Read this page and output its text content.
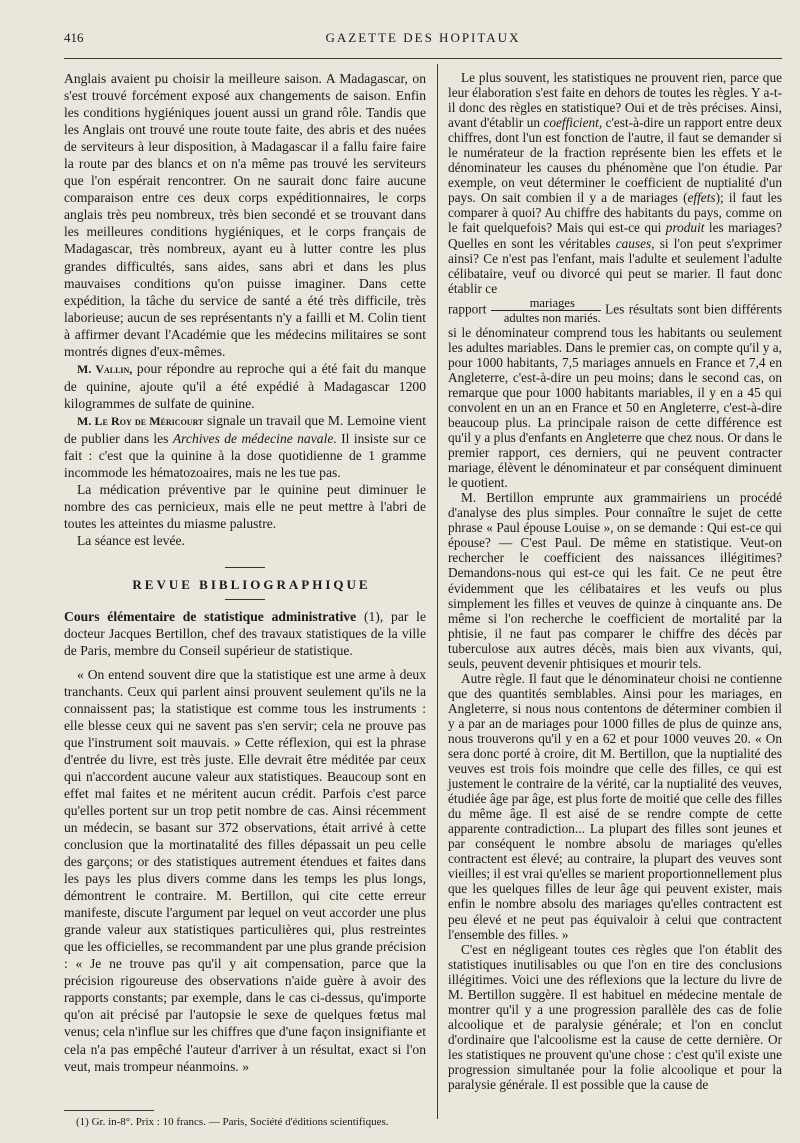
416	GAZETTE DES HOPITAUX

Anglais avaient pu choisir la meilleure saison. A Madagascar, on s'est trouvé forcément exposé aux changements de saison. Enfin les conditions hygiéniques jouent aussi un grand rôle. Tandis que les Anglais ont trouvé une route toute faite, des abris et des nuées de serviteurs à leur disposition, à Madagascar il a fallu faire faire la route par des blancs et on n'a même pas trouvé les serviteurs que l'on espérait rencontrer. On ne saurait donc faire aucune comparaison entre ces deux corps expéditionnaires, le corps anglais très peu nombreux, très bien secondé et se trouvant dans les meilleures conditions hygiéniques, et le corps français de Madagascar, très nombreux, ayant eu à lutter contre les plus grandes difficultés, sans aides, sans abri et dans les plus mauvaises conditions qu'on puisse imaginer. Dans cette expédition, la tâche du service de santé a été très difficile, très laborieuse; aucun de ses représentants n'y a failli et M. Colin tient à affirmer devant l'Académie que les médecins militaires se sont montrés dignes d'eux-mêmes.

M. Vallin, pour répondre au reproche qui a été fait du manque de quinine, ajoute qu'il a été expédié à Madagascar 1200 kilogrammes de sulfate de quinine.

M. Le Roy de Méricourt signale un travail que M. Lemoine vient de publier dans les Archives de médecine navale. Il insiste sur ce fait : c'est que la quinine à la dose quotidienne de 1 gramme incommode les hématozoaires, mais ne les tue pas.

La médication préventive par le quinine peut diminuer le nombre des cas pernicieux, mais elle ne peut mettre à l'abri de toutes les atteintes du miasme palustre.

La séance est levée.

REVUE BIBLIOGRAPHIQUE

Cours élémentaire de statistique administrative (1), par le docteur Jacques Bertillon, chef des travaux statistiques de la ville de Paris, membre du Conseil supérieur de statistique.

« On entend souvent dire que la statistique est une arme à deux tranchants. Ceux qui parlent ainsi prouvent seulement qu'ils ne la connaissent pas; la statistique est comme tous les instruments : elle blesse ceux qui ne savent pas s'en servir; cela ne prouve pas que l'instrument soit mauvais. » Cette réflexion, qui est la phrase d'entrée du livre, est très juste. Elle devrait être méditée par ceux qui n'accordent aucune valeur aux statistiques. Beaucoup sont en effet mal faites et ne méritent aucun crédit. Parfois c'est parce qu'elles portent sur un trop petit nombre de cas. Ainsi récemment un médecin, se basant sur 372 observations, était arrivé à cette conclusion que la mortinatalité des filles dépassait un peu celle des garçons; or des statistiques autrement étendues et faites dans les pays les plus divers comme dans les temps les plus longs, démontrent le contraire. M. Bertillon, qui cite cette erreur manifeste, discute l'argument par lequel on veut accorder une plus grande valeur aux statistiques particulières qui, plus restreintes que les officielles, se recommandent par une plus grande précision : « Je ne trouve pas qu'il y ait compensation, parce que la précision rigoureuse des observations n'aide guère à avoir des rapports constants; par exemple, dans le cas ci-dessus, qu'importe qu'on ait précisé par l'autopsie le sexe de quelques fœtus mal venus; cela n'influe sur les chiffres que d'une façon insignifiante et cela n'a pas empêché l'auteur d'arriver à un résultat, exact si l'on veut, mais trompeur néanmoins. »

Le plus souvent, les statistiques ne prouvent rien, parce que leur élaboration s'est faite en dehors de toutes les règles. Y a-t-il donc des règles en statistique? Oui et de très précises. Ainsi, avant d'établir un coefficient, c'est-à-dire un rapport entre deux chiffres, dont l'un est fonction de l'autre, il faut se demander si le numérateur de la fraction représente bien les effets et le dénominateur les causes du phénomène que l'on étudie. Par exemple, on veut déterminer le coefficient de nuptialité d'un pays. On sait combien il y a de mariages (effets); il faut les comparer à quoi? Au chiffre des habitants du pays, comme on le fait quelquefois? Mais qui est-ce qui produit les mariages? Quelles en sont les véritables causes, si l'on peut s'exprimer ainsi? Ce n'est pas l'enfant, mais l'adulte et seulement l'adulte célibataire, veuf ou divorcé qui peut se marier. Il faut donc établir ce
rapport $\frac{\text{mariages}}{\text{adultes non mariés.}}$ Les résultats sont bien différents si le dénominateur comprend tous les habitants ou seulement les adultes mariables. Dans le premier cas, on compte qu'il y a, pour 1000 habitants, 7,5 mariages annuels en France et 7,4 en Angleterre, c'est-à-dire un peu moins; dans le second cas, on remarque que pour 1000 habitants mariables, il y en a 45 qui convolent en un an en France et 50 en Angleterre, c'est-à-dire beaucoup plus. La principale raison de cette différence est qu'il y a plus d'enfants en Angleterre que chez nous. Or dans le premier rapport, ces derniers, qui ne peuvent contracter mariage, élèvent le dénominateur et par conséquent diminuent le quotient.

M. Bertillon emprunte aux grammairiens un procédé d'analyse des plus simples. Pour connaître le sujet de cette phrase « Paul épouse Louise », on se demande : Qui est-ce qui épouse? — C'est Paul. De même en statistique. Veut-on rechercher le coefficient des naissances illégitimes? Demandons-nous qui est-ce qui les fait. Ce ne peut être évidemment que les célibataires et les veufs ou plus simplement les filles et veuves de quinze à cinquante ans. De même si l'on recherche le coefficient de mortalité par la phtisie, il ne faut pas comparer le chiffre des décès par tuberculose aux autres décès, mais bien aux vivants, qui, seuls, peuvent devenir phtisiques et mourir tels.

Autre règle. Il faut que le dénominateur choisi ne contienne que des quantités semblables. Ainsi pour les mariages, en Angleterre, si nous nous contentons de déterminer combien il y a par an de mariages pour 1000 filles de plus de quinze ans, nous trouverons qu'il y en a 62 et pour 1000 veuves 20. « On sera donc porté à croire, dit M. Bertillon, que la nuptialité des veuves est trois fois moindre que celle des filles, ce qui est justement le contraire de la vérité, car la nuptialité des veuves, étudiée âge par âge, est plus forte de moitié que celle des filles du même âge. Il est aisé de se rendre compte de cette apparente contradiction... La plupart des filles sont jeunes et par conséquent le nombre absolu de mariages qu'elles contractent est élevé; au contraire, la plupart des veuves sont vieilles; il est vrai qu'elles se marient proportionnellement plus que les quelques filles de leur âge qui peuvent exister, mais enfin le nombre absolu des mariages qu'elles contractent est peu élevé et ne peut pas équivaloir à celui que contractent l'ensemble des filles. »

C'est en négligeant toutes ces règles que l'on établit des statistiques inutilisables ou que l'on en tire des conclusions illégitimes. Voici une des réflexions que la lecture du livre de M. Bertillon suggère. Il est habituel en médecine mentale de montrer qu'il y a une progression parallèle des cas de folie alcoolique et de paralysie générale; et l'on en conclut d'ordinaire que l'alcoolisme est la cause de cette dernière. Or les statistiques ne prouvent qu'une chose : c'est qu'il existe une progression simultanée pour la folie alcoolique et pour la paralysie générale. Il est possible que la cause de

(1) Gr. in-8°. Prix : 10 francs. — Paris, Société d'éditions scientifiques.
